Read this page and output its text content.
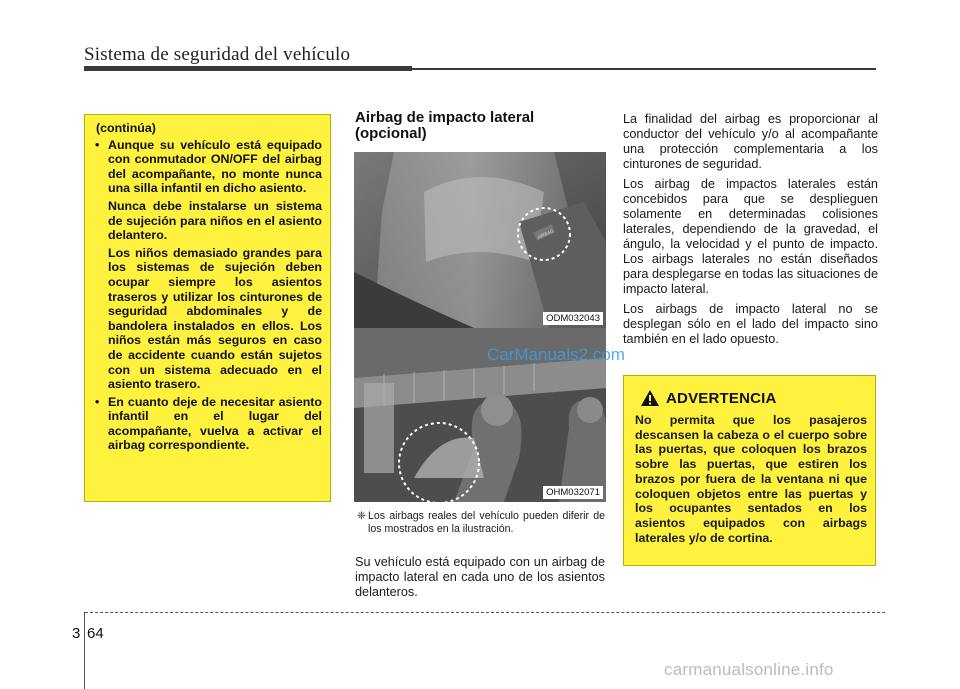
Sistema de seguridad del vehículo
(continúa)
• Aunque su vehículo está equipado con conmutador ON/OFF del airbag del acompañante, no monte nunca una silla infantil en dicho asiento.

Nunca debe instalarse un sistema de sujeción para niños en el asiento delantero.

Los niños demasiado grandes para los sistemas de sujeción deben ocupar siempre los asientos traseros y utilizar los cinturones de seguridad abdominales y de bandolera instalados en ellos. Los niños están más seguros en caso de accidente cuando están sujetos con un sistema adecuado en el asiento trasero.

• En cuanto deje de necesitar asiento infantil en el lugar del acompañante, vuelva a activar el airbag correspondiente.
Airbag de impacto lateral (opcional)
AIRBAG
ODM032043
OHM032071
CarManuals2.com
❈ Los airbags reales del vehículo pueden diferir de los mostrados en la ilustración.

Su vehículo está equipado con un airbag de impacto lateral en cada uno de los asientos delanteros.

La finalidad del airbag es proporcionar al conductor del vehículo y/o al acompañante una protección complementaria a los cinturones de seguridad.

Los airbag de impactos laterales están concebidos para que se desplieguen solamente en determinadas colisiones laterales, dependiendo de la gravedad, el ángulo, la velocidad y el punto de impacto. Los airbags laterales no están diseñados para desplegarse en todas las situaciones de impacto lateral.

Los airbags de impacto lateral no se desplegan sólo en el lado del impacto sino también en el lado opuesto.

ADVERTENCIA

No permita que los pasajeros descansen la cabeza o el cuerpo sobre las puertas, que coloquen los brazos sobre las puertas, que estiren los brazos por fuera de la ventana ni que coloquen objetos entre las puertas y los ocupantes sentados en los asientos equipados con airbags laterales y/o de cortina.

3 64
carmanualsonline.info
